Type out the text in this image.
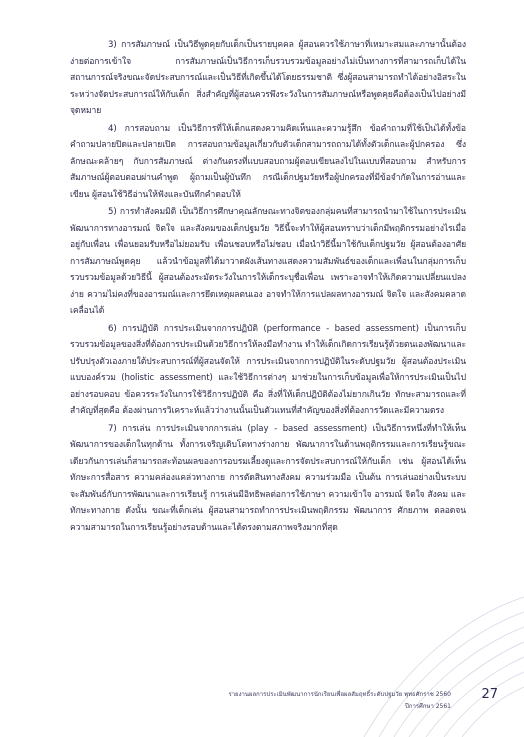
3) การสัมภาษณ์ เป็นวิธีพูดคุยกับเด็กเป็นรายบุคคล ผู้สอนควรใช้ภาษาที่เหมาะสมและภาษานั้นต้องง่ายต่อการเข้าใจ การสัมภาษณ์เป็นวิธีการเก็บรวบรวมข้อมูลอย่างไม่เป็นทางการที่สามารถเก็บได้ในสถานการณ์จริงขณะจัดประสบการณ์และเป็นวิธีที่เกิดขึ้นได้โดยธรรมชาติ ซึ่งผู้สอนสามารถทำได้อย่างอิสระในระหว่างจัดประสบการณ์ให้กับเด็ก สิ่งสำคัญที่ผู้สอนควรพึงระวังในการสัมภาษณ์หรือพูดคุยคือต้องเป็นไปอย่างมีจุดหมาย

4) การสอบถาม เป็นวิธีการที่ให้เด็กแสดงความคิดเห็นและความรู้สึก ข้อคำถามที่ใช้เป็นได้ทั้งข้อคำถามปลายปิดและปลายเปิด การสอบถามข้อมูลเกี่ยวกับตัวเด็กสามารถถามได้ทั้งตัวเด็กและผู้ปกครอง ซึ่งลักษณะคล้ายๆ กับการสัมภาษณ์ ต่างกันตรงที่แบบสอบถามผู้ตอบเขียนลงไปในแบบที่สอบถาม สำหรับการสัมภาษณ์ผู้ตอบตอบผ่านคำพูด ผู้ถามเป็นผู้บันทึก กรณีเด็กปฐมวัยหรือผู้ปกครองที่มีข้อจำกัดในการอ่านและเขียน ผู้สอนใช้วิธีอ่านให้ฟังและบันทึกคำตอบให้

5) การทำสังคมมิติ เป็นวิธีการศึกษาคุณลักษณะทางจิตของกลุ่มคนที่สามารถนำมาใช้ในการประเมินพัฒนาการทางอารมณ์ จิตใจ และสังคมของเด็กปฐมวัย วิธีนี้จะทำให้ผู้สอนทราบว่าเด็กมีพฤติกรรมอย่างไรเมื่ออยู่กับเพื่อน เพื่อนยอมรับหรือไม่ยอมรับ เพื่อนชอบหรือไม่ชอบ เมื่อนำวิธีนี้มาใช้กับเด็กปฐมวัย ผู้สอนต้องอาศัยการสัมภาษณ์พูดคุย แล้วนำข้อมูลที่ได้มาวาดผังเส้นทางแสดงความสัมพันธ์ของเด็กและเพื่อนในกลุ่มการเก็บรวบรวมข้อมูลด้วยวิธีนี้ ผู้สอนต้องระมัดระวังในการให้เด็กระบุชื่อเพื่อน เพราะอาจทำให้เกิดความเปลี่ยนแปลงง่าย ความไม่คงที่ของอารมณ์และการยึดเหตุผลตนเอง อาจทำให้การแปลผลทางอารมณ์ จิตใจ และสังคมคลาดเคลื่อนได้

6) การปฏิบัติ การประเมินจากการปฏิบัติ (performance - based assessment) เป็นการเก็บรวบรวมข้อมูลของสิ่งที่ต้องการประเมินด้วยวิธีการให้ลงมือทำงาน ทำให้เด็กเกิดการเรียนรู้ด้วยตนเองพัฒนาและปรับปรุงตัวเองภายใต้ประสบการณ์ที่ผู้สอนจัดให้ การประเมินจากการปฏิบัติในระดับปฐมวัย ผู้สอนต้องประเมินแบบองค์รวม (holistic assessment) และใช้วิธีการต่างๆ มาช่วยในการเก็บข้อมูลเพื่อให้การประเมินเป็นไปอย่างรอบคอบ ข้อควรระวังในการใช้วิธีการปฏิบัติ คือ สิ่งที่ให้เด็กปฏิบัติต้องไม่ยากเกินวัย ทักษะสามารถและที่สำคัญที่สุดคือ ต้องผ่านการวิเคราะห์แล้วว่างานนั้นเป็นตัวแทนที่สำคัญของสิ่งที่ต้องการวัดและมีความตรง

7) การเล่น การประเมินจากการเล่น (play - based assessment) เป็นวิธีการหนึ่งที่ทำให้เห็นพัฒนาการของเด็กในทุกด้าน ทั้งการเจริญเติบโตทางร่างกาย พัฒนาการในด้านพฤติกรรมและการเรียนรู้ขณะเดียวกันการเล่นก็สามารถสะท้อนผลของการอบรมเลี้ยงดูและการจัดประสบการณ์ให้กับเด็ก เช่น ผู้สอนได้เห็นทักษะการสื่อสาร ความคล่องแคล่วทางกาย การตัดสินทางสังคม ความร่วมมือ เป็นต้น การเล่นอย่างเป็นระบบจะสัมพันธ์กับการพัฒนาและการเรียนรู้ การเล่นมีอิทธิพลต่อการใช้ภาษา ความเข้าใจ อารมณ์ จิตใจ สังคม และทักษะทางกาย ดังนั้น ขณะที่เด็กเล่น ผู้สอนสามารถทำการประเมินพฤติกรรม พัฒนาการ ศักยภาพ ตลอดจนความสามารถในการเรียนรู้อย่างรอบด้านและได้ตรงตามสภาพจริงมากที่สุด

รายงานผลการประเมินพัฒนาการนักเรียนเพื่อผลสัมฤทธิ์ระดับปฐมวัย พุทธศักราช 2560
ปีการศึกษา 2561
27
